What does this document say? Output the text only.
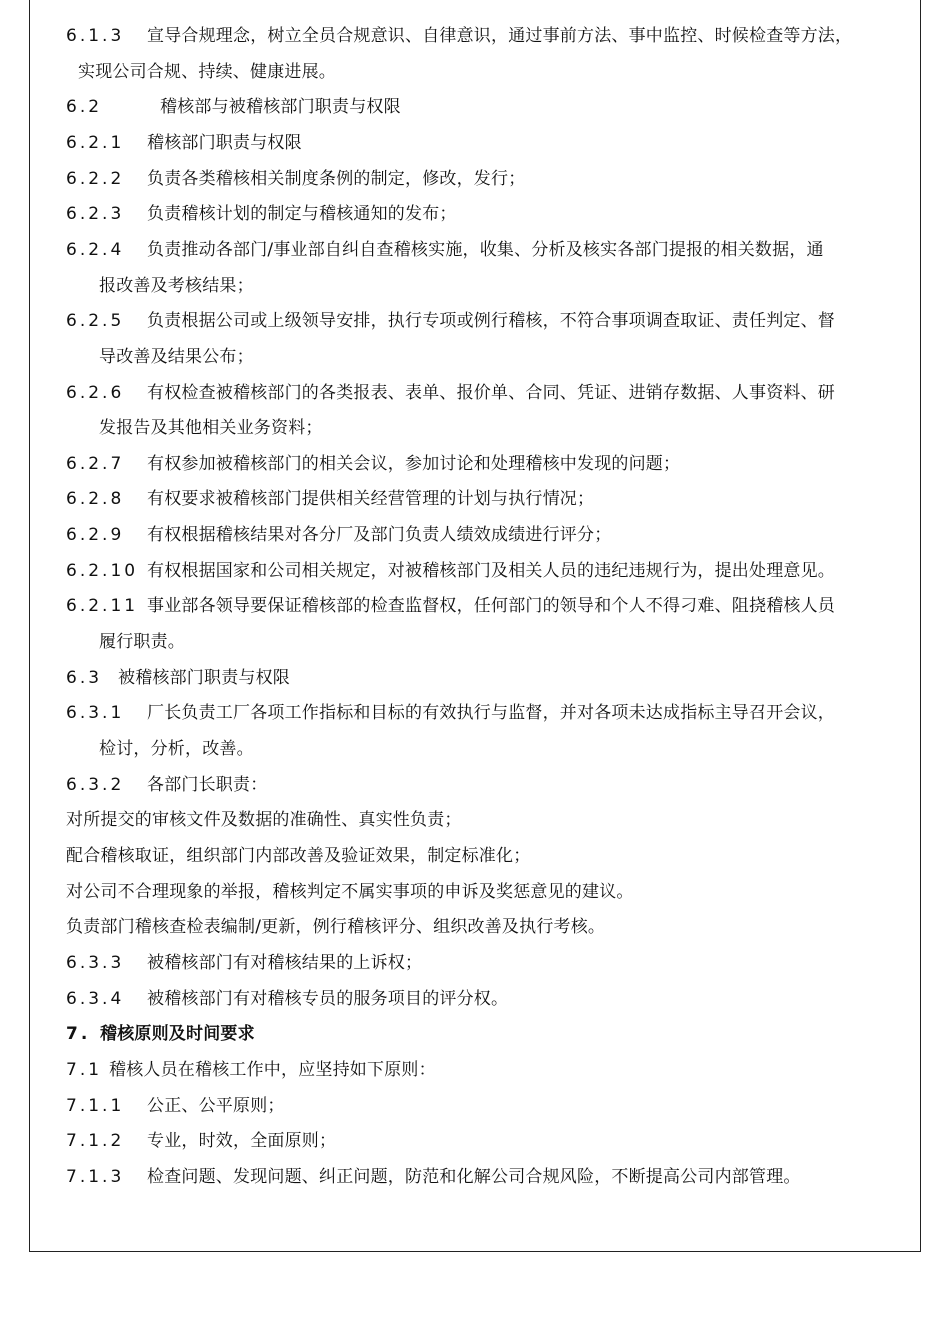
6.1.3 宣导合规理念，树立全员合规意识、自律意识，通过事前方法、事中监控、时候检查等方法，
实现公司合规、持续、健康进展。
6.2	稽核部与被稽核部门职责与权限
6.2.1 稽核部门职责与权限
6.2.2 负责各类稽核相关制度条例的制定，修改，发行；
6.2.3 负责稽核计划的制定与稽核通知的发布；
6.2.4 负责推动各部门/事业部自纠自查稽核实施，收集、分析及核实各部门提报的相关数据，通
报改善及考核结果；
6.2.5 负责根据公司或上级领导安排，执行专项或例行稽核，不符合事项调查取证、责任判定、督
导改善及结果公布；
6.2.6 有权检查被稽核部门的各类报表、表单、报价单、合同、凭证、进销存数据、人事资料、研
发报告及其他相关业务资料；
6.2.7 有权参加被稽核部门的相关会议，参加讨论和处理稽核中发现的问题；
6.2.8 有权要求被稽核部门提供相关经营管理的计划与执行情况；
6.2.9 有权根据稽核结果对各分厂及部门负责人绩效成绩进行评分；
6.2.10 有权根据国家和公司相关规定，对被稽核部门及相关人员的违纪违规行为，提出处理意见。
6.2.11 事业部各领导要保证稽核部的检查监督权，任何部门的领导和个人不得刁难、阻挠稽核人员
履行职责。
6.3 被稽核部门职责与权限
6.3.1 厂长负责工厂各项工作指标和目标的有效执行与监督，并对各项未达成指标主导召开会议，
检讨，分析，改善。
6.3.2 各部门长职责：
对所提交的审核文件及数据的准确性、真实性负责；
配合稽核取证，组织部门内部改善及验证效果，制定标准化；
对公司不合理现象的举报，稽核判定不属实事项的申诉及奖惩意见的建议。
负责部门稽核查检表编制/更新，例行稽核评分、组织改善及执行考核。
6.3.3 被稽核部门有对稽核结果的上诉权；
6.3.4 被稽核部门有对稽核专员的服务项目的评分权。
7. 稽核原则及时间要求
7.1 稽核人员在稽核工作中，应坚持如下原则：
7.1.1 公正、公平原则；
7.1.2 专业，时效，全面原则；
7.1.3 检查问题、发现问题、纠正问题，防范和化解公司合规风险，不断提高公司内部管理。
